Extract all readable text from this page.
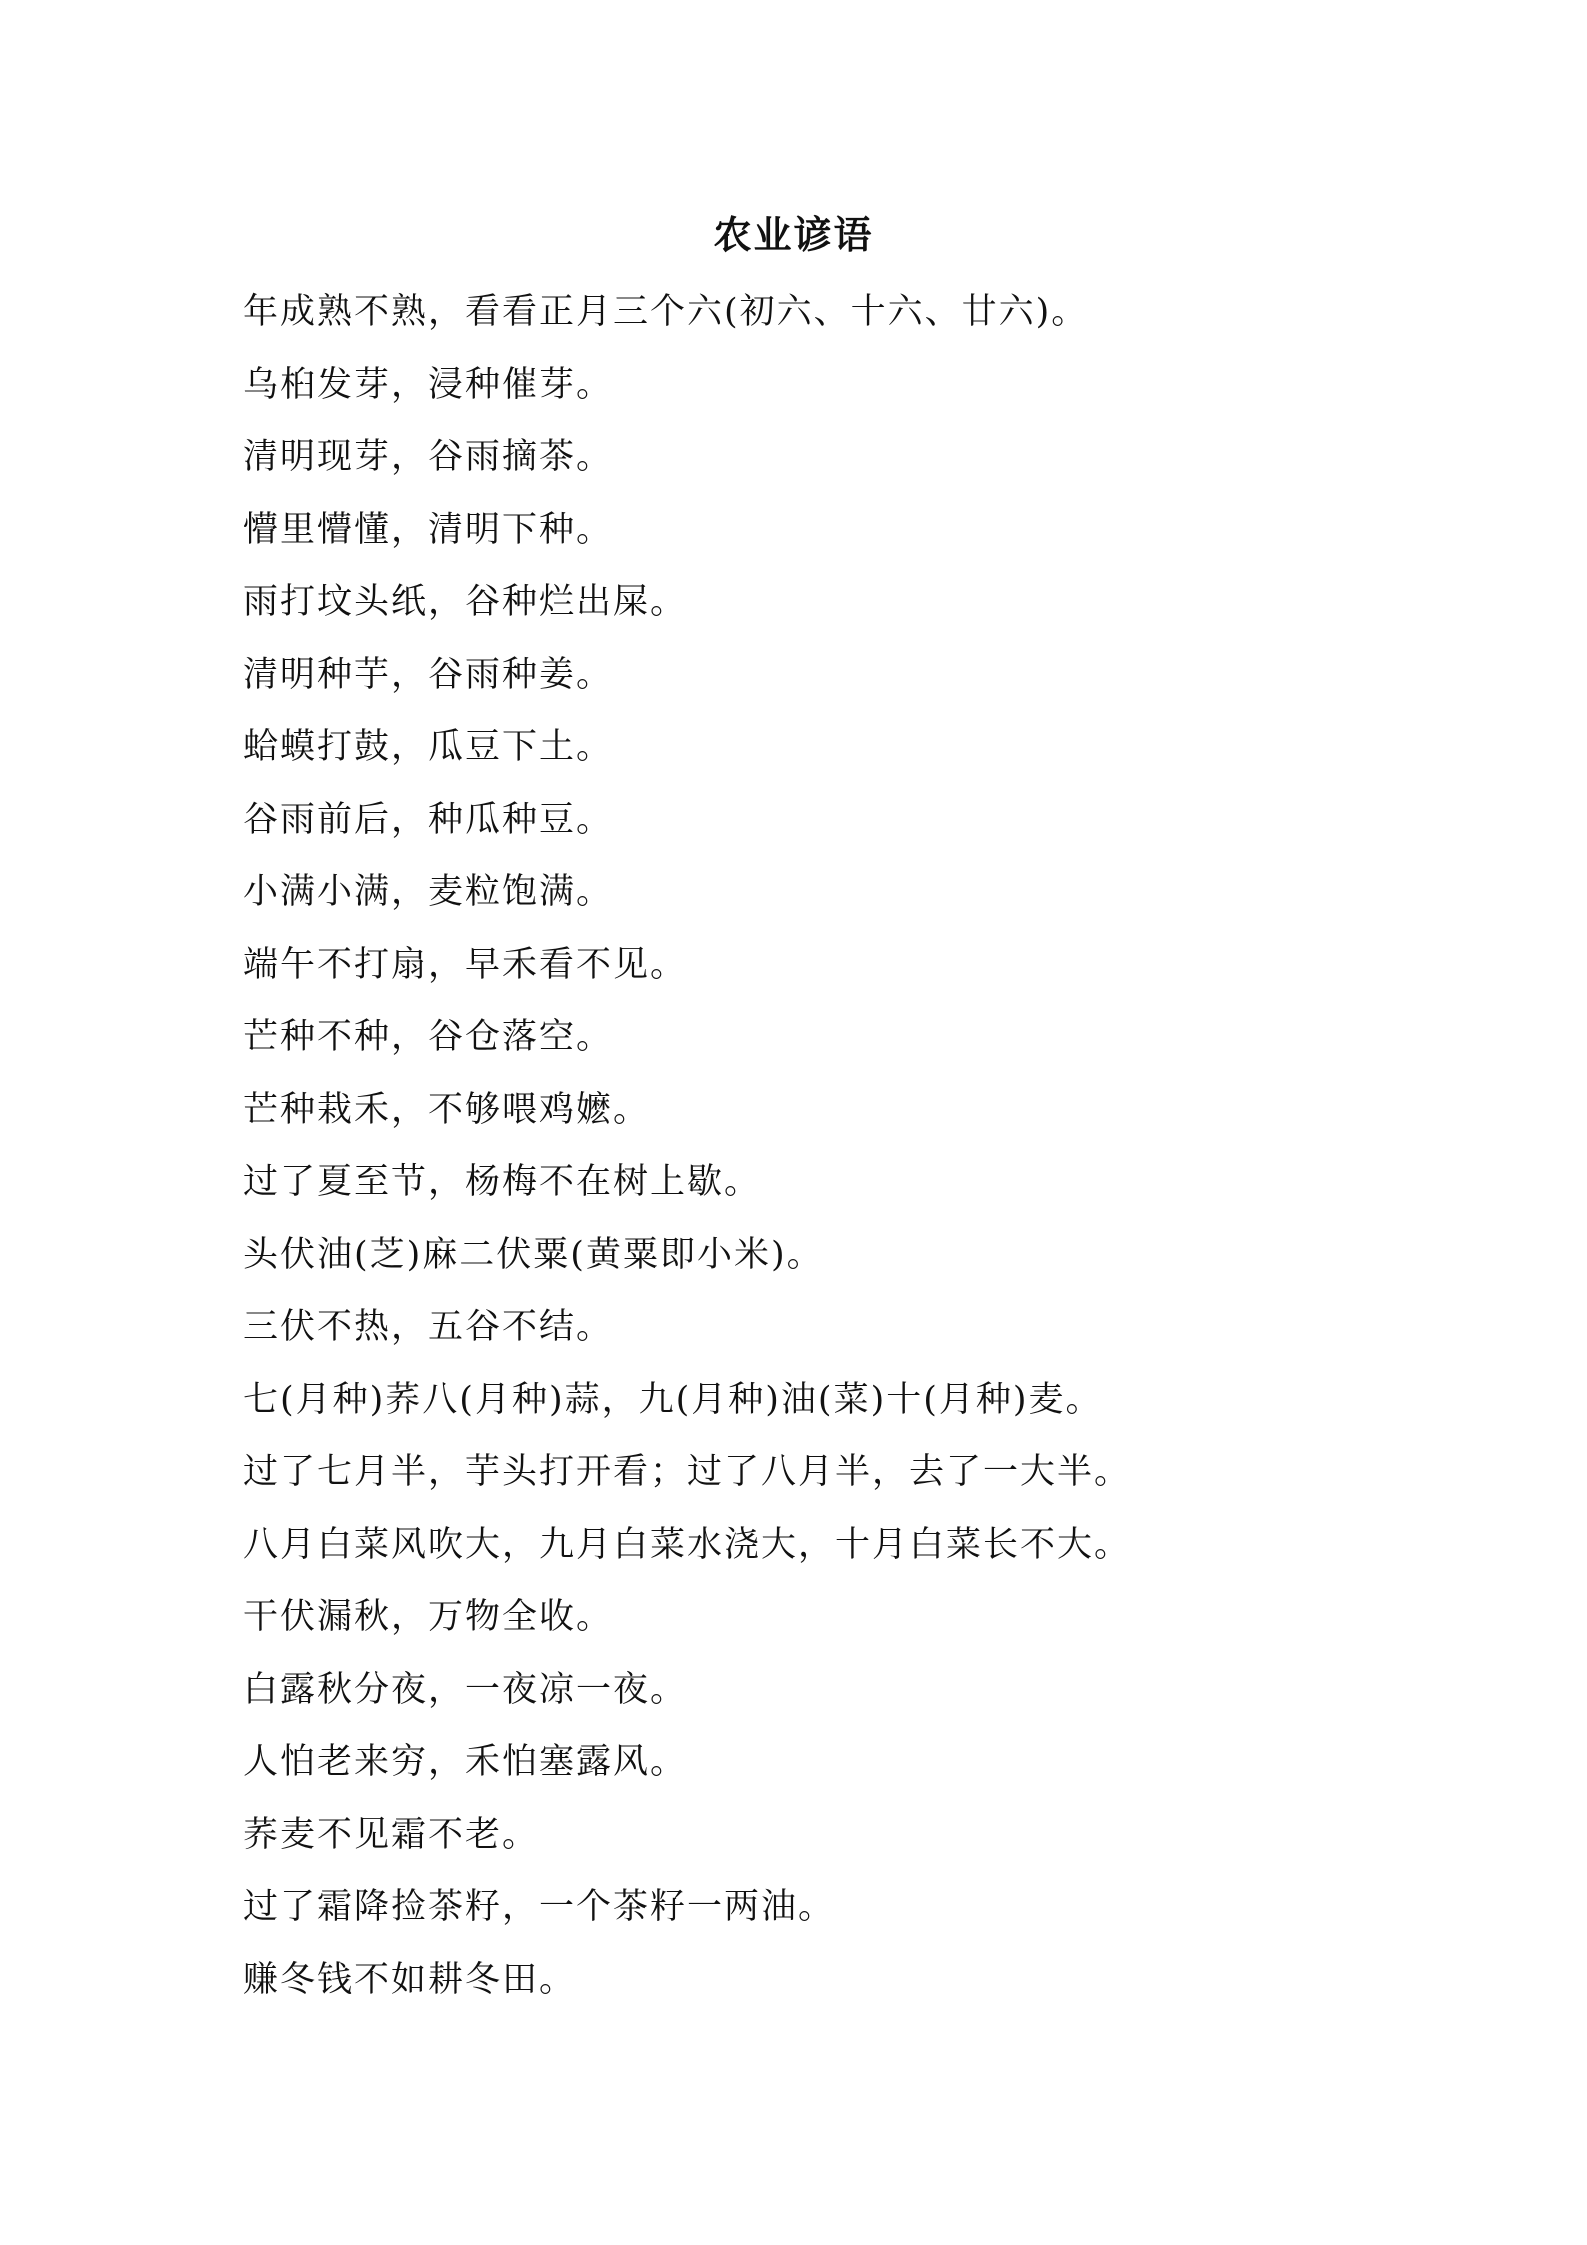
农业谚语
年成熟不熟，看看正月三个六(初六、十六、廿六)。
乌桕发芽，浸种催芽。
清明现芽，谷雨摘茶。
懵里懵懂，清明下种。
雨打坟头纸，谷种烂出屎。
清明种芋，谷雨种姜。
蛤蟆打鼓，瓜豆下土。
谷雨前后，种瓜种豆。
小满小满，麦粒饱满。
端午不打扇，早禾看不见。
芒种不种，谷仓落空。
芒种栽禾，不够喂鸡嬷。
过了夏至节，杨梅不在树上歇。
头伏油(芝)麻二伏粟(黄粟即小米)。
三伏不热，五谷不结。
七(月种)荞八(月种)蒜，九(月种)油(菜)十(月种)麦。
过了七月半，芋头打开看；过了八月半，去了一大半。
八月白菜风吹大，九月白菜水浇大，十月白菜长不大。
干伏漏秋，万物全收。
白露秋分夜，一夜凉一夜。
人怕老来穷，禾怕塞露风。
荞麦不见霜不老。
过了霜降捡茶籽，一个茶籽一两油。
赚冬钱不如耕冬田。
